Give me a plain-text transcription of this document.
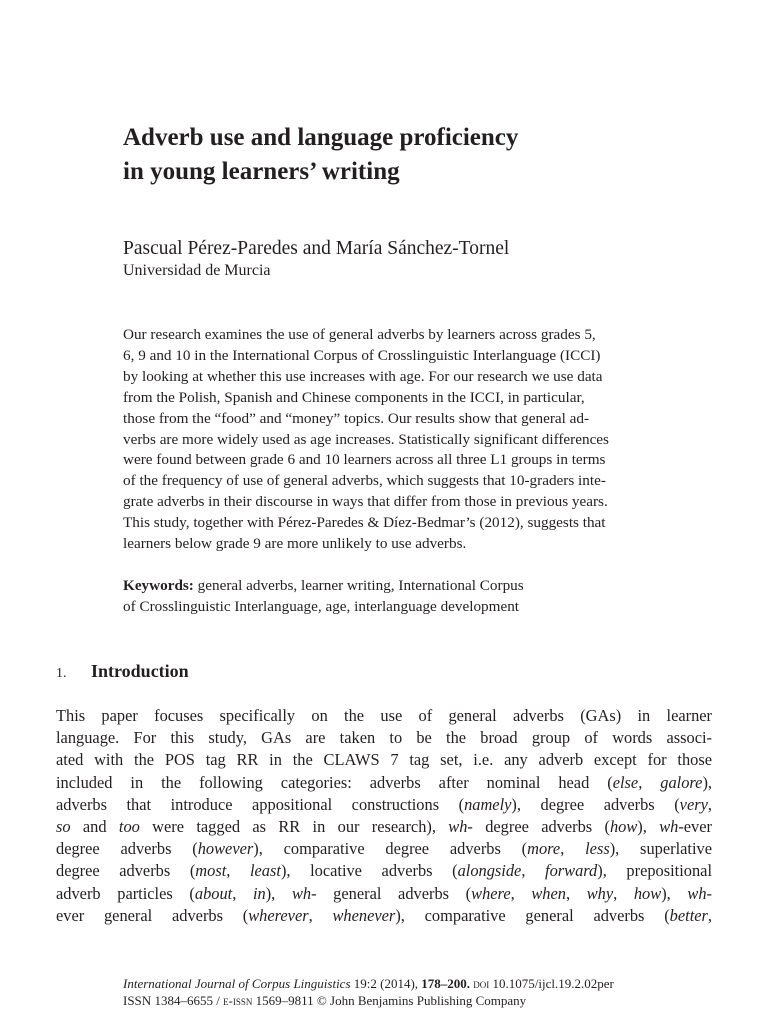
Adverb use and language proficiency
in young learners’ writing
Pascual Pérez-Paredes and María Sánchez-Tornel
Universidad de Murcia
Our research examines the use of general adverbs by learners across grades 5,
6, 9 and 10 in the International Corpus of Crosslinguistic Interlanguage (ICCI)
by looking at whether this use increases with age. For our research we use data
from the Polish, Spanish and Chinese components in the ICCI, in particular,
those from the “food” and “money” topics. Our results show that general ad-
verbs are more widely used as age increases. Statistically significant differences
were found between grade 6 and 10 learners across all three L1 groups in terms
of the frequency of use of general adverbs, which suggests that 10-graders inte-
grate adverbs in their discourse in ways that differ from those in previous years.
This study, together with Pérez-Paredes & Díez-Bedmar’s (2012), suggests that
learners below grade 9 are more unlikely to use adverbs.
Keywords: general adverbs, learner writing, International Corpus
of Crosslinguistic Interlanguage, age, interlanguage development
1. Introduction
This paper focuses specifically on the use of general adverbs (GAs) in learner
language. For this study, GAs are taken to be the broad group of words associ-
ated with the POS tag RR in the CLAWS 7 tag set, i.e. any adverb except for those
included in the following categories: adverbs after nominal head (else, galore),
adverbs that introduce appositional constructions (namely), degree adverbs (very,
so and too were tagged as RR in our research), wh- degree adverbs (how), wh-ever
degree adverbs (however), comparative degree adverbs (more, less), superlative
degree adverbs (most, least), locative adverbs (alongside, forward), prepositional
adverb particles (about, in), wh- general adverbs (where, when, why, how), wh-
ever general adverbs (wherever, whenever), comparative general adverbs (better,
International Journal of Corpus Linguistics 19:2 (2014), 178–200. doi 10.1075/ijcl.19.2.02per
ISSN 1384–6655 / e-issn 1569–9811 © John Benjamins Publishing Company
